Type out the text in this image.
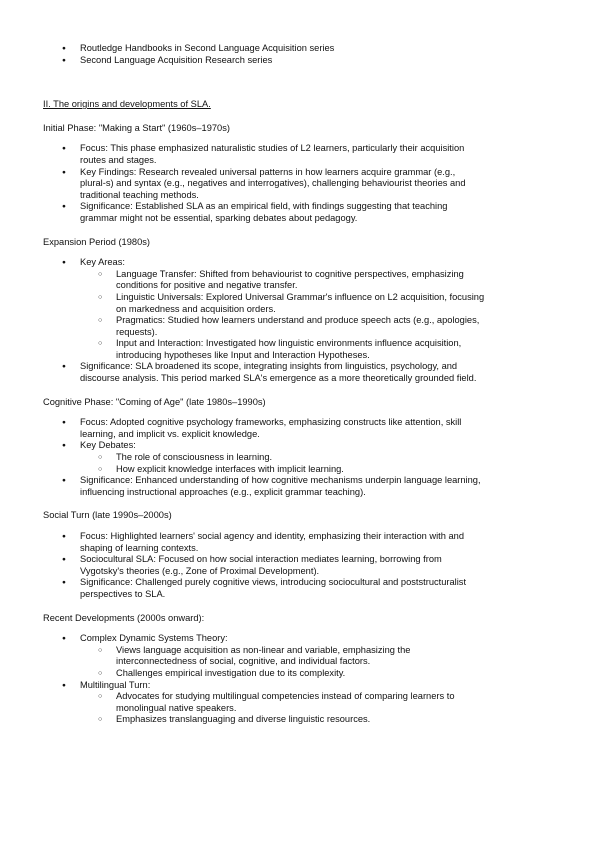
● Routledge Handbooks in Second Language Acquisition series
● Second Language Acquisition Research series
II. The origins and developments of SLA.
Initial Phase: "Making a Start" (1960s–1970s)
● Focus: This phase emphasized naturalistic studies of L2 learners, particularly their acquisition
routes and stages.
● Key Findings: Research revealed universal patterns in how learners acquire grammar (e.g.,
plural-s) and syntax (e.g., negatives and interrogatives), challenging behaviourist theories and
traditional teaching methods.
● Significance: Established SLA as an empirical field, with findings suggesting that teaching
grammar might not be essential, sparking debates about pedagogy.
Expansion Period (1980s)
● Key Areas:
○ Language Transfer: Shifted from behaviourist to cognitive perspectives, emphasizing
conditions for positive and negative transfer.
○ Linguistic Universals: Explored Universal Grammar's influence on L2 acquisition, focusing
on markedness and acquisition orders.
○ Pragmatics: Studied how learners understand and produce speech acts (e.g., apologies,
requests).
○ Input and Interaction: Investigated how linguistic environments influence acquisition,
introducing hypotheses like Input and Interaction Hypotheses.
● Significance: SLA broadened its scope, integrating insights from linguistics, psychology, and
discourse analysis. This period marked SLA's emergence as a more theoretically grounded field.
Cognitive Phase: "Coming of Age" (late 1980s–1990s)
● Focus: Adopted cognitive psychology frameworks, emphasizing constructs like attention, skill
learning, and implicit vs. explicit knowledge.
● Key Debates:
○ The role of consciousness in learning.
○ How explicit knowledge interfaces with implicit learning.
● Significance: Enhanced understanding of how cognitive mechanisms underpin language learning,
influencing instructional approaches (e.g., explicit grammar teaching).
Social Turn (late 1990s–2000s)
● Focus: Highlighted learners' social agency and identity, emphasizing their interaction with and
shaping of learning contexts.
● Sociocultural SLA: Focused on how social interaction mediates learning, borrowing from
Vygotsky's theories (e.g., Zone of Proximal Development).
● Significance: Challenged purely cognitive views, introducing sociocultural and poststructuralist
perspectives to SLA.
Recent Developments (2000s onward):
● Complex Dynamic Systems Theory:
○ Views language acquisition as non-linear and variable, emphasizing the
interconnectedness of social, cognitive, and individual factors.
○ Challenges empirical investigation due to its complexity.
● Multilingual Turn:
○ Advocates for studying multilingual competencies instead of comparing learners to
monolingual native speakers.
○ Emphasizes translanguaging and diverse linguistic resources.
